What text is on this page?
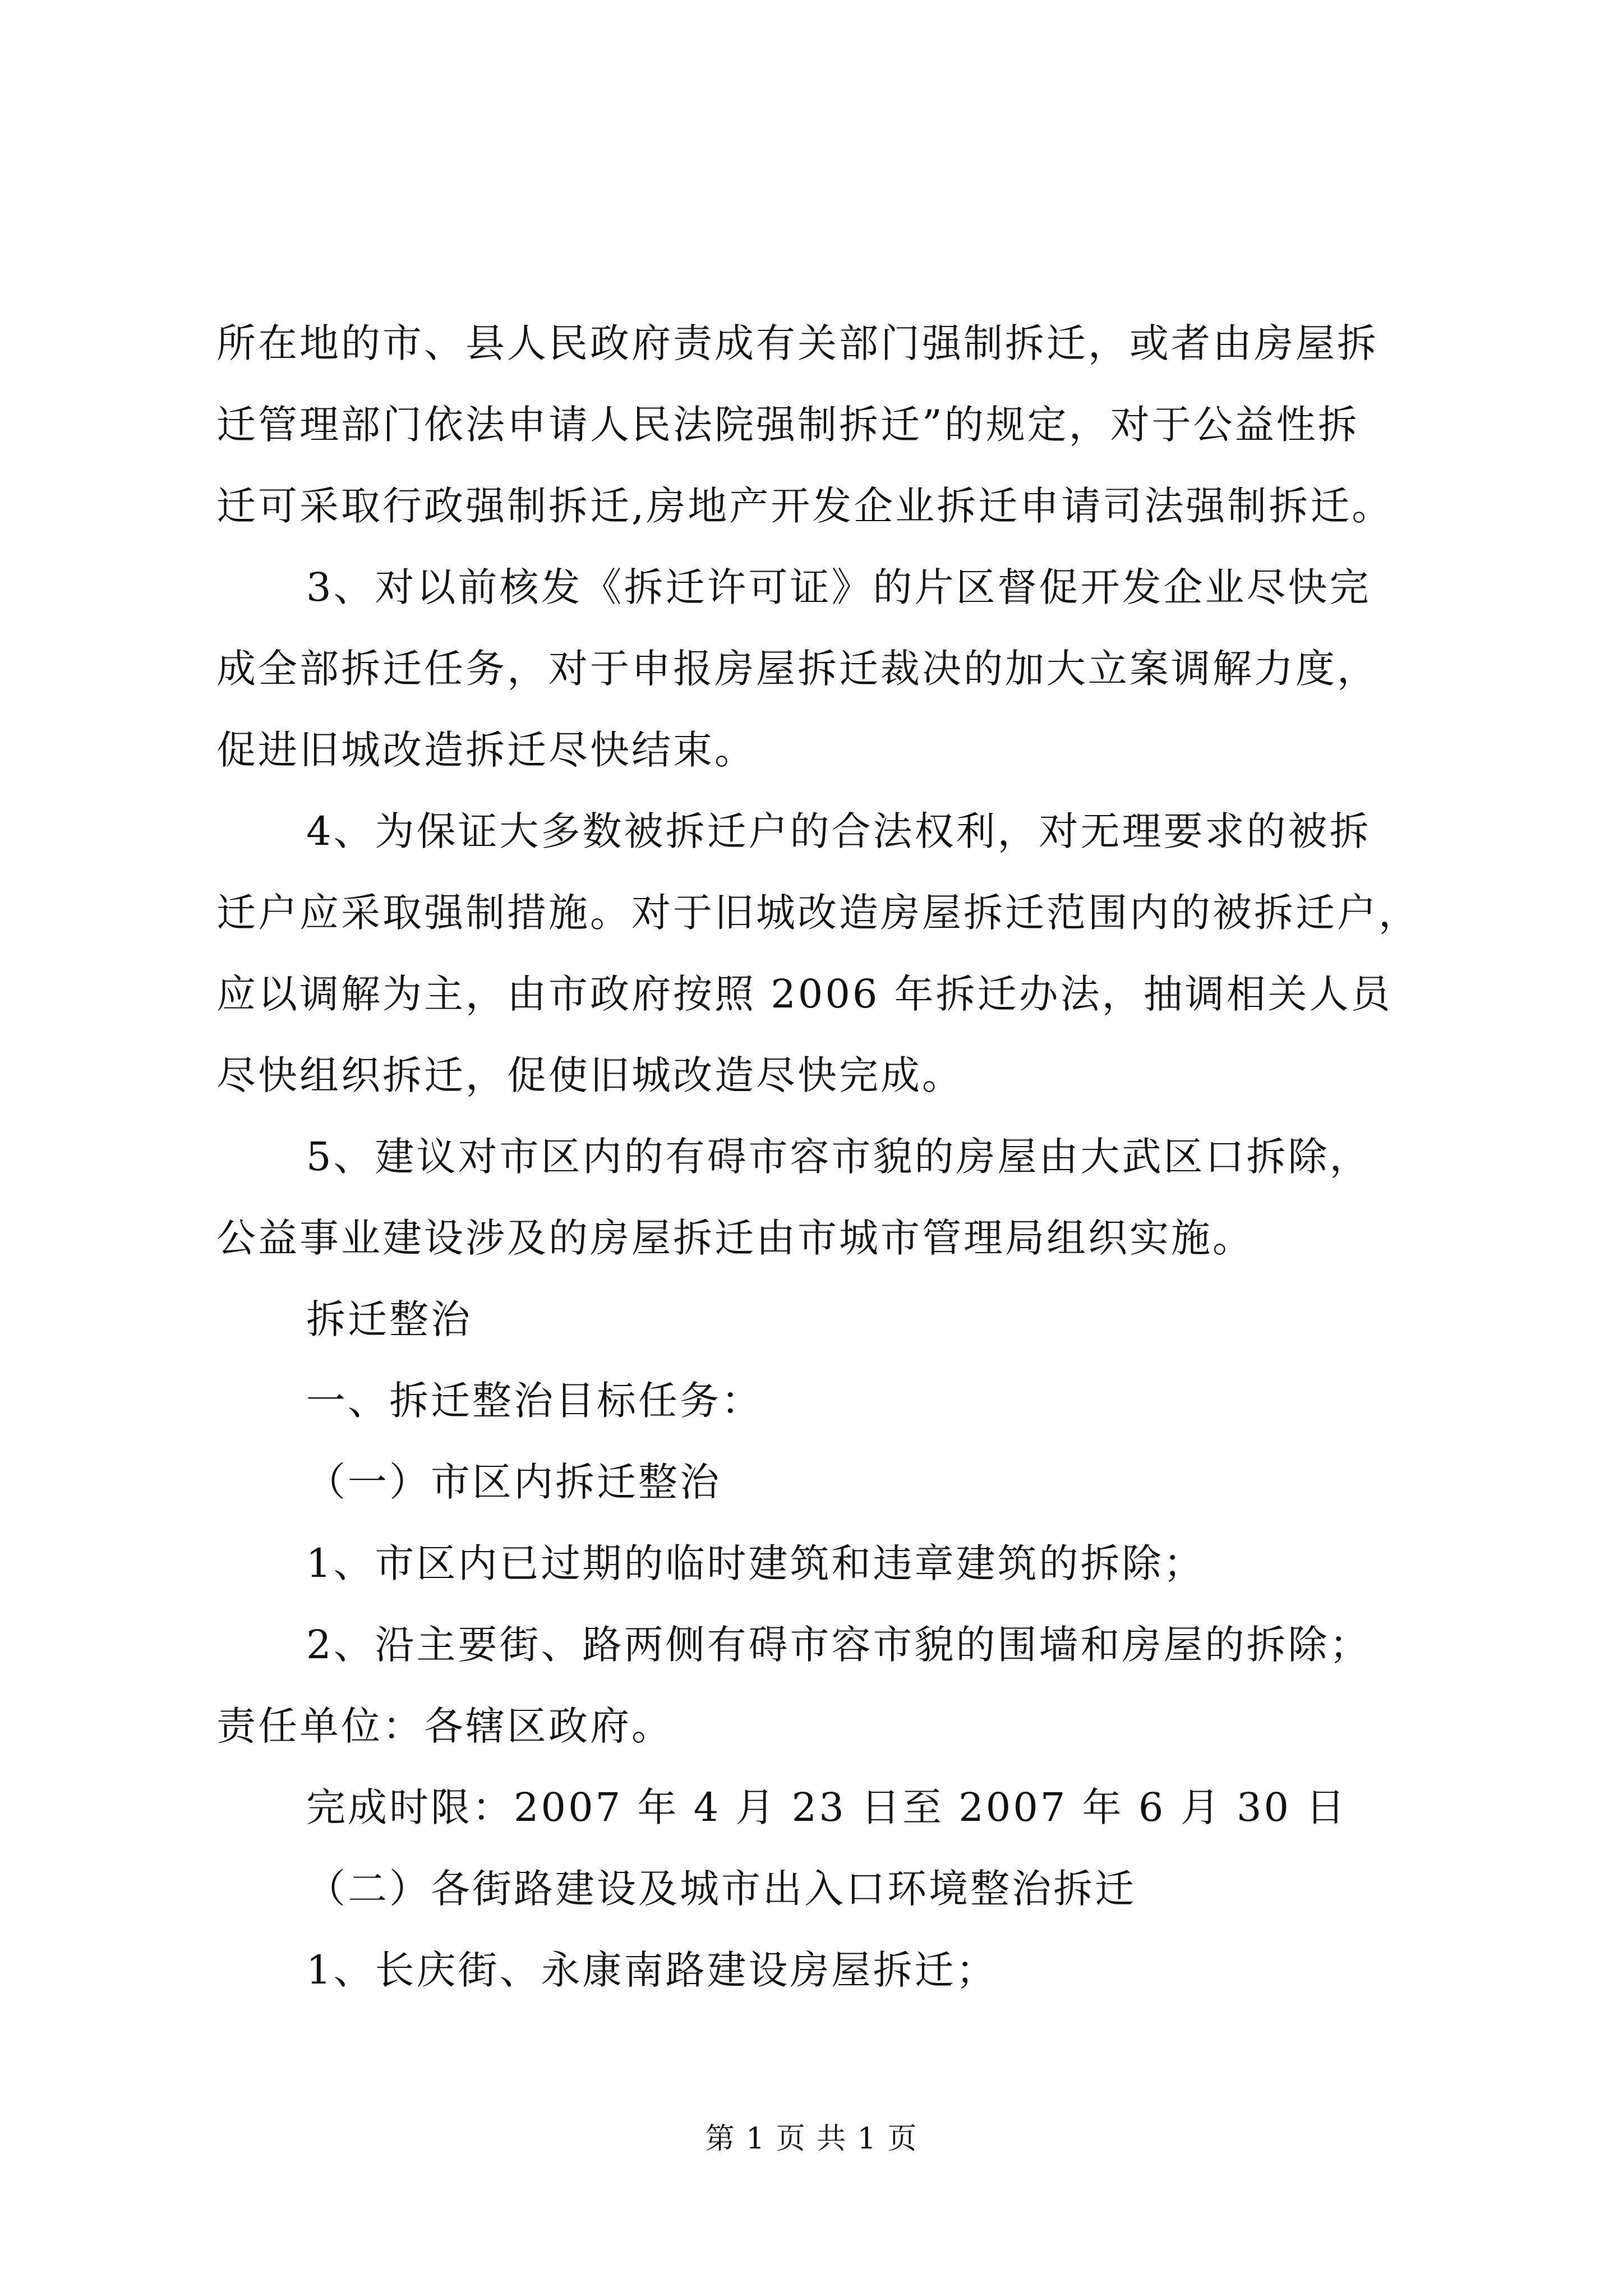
所在地的市、县人民政府责成有关部门强制拆迁，或者由房屋拆
迁管理部门依法申请人民法院强制拆迁”的规定，对于公益性拆
迁可采取行政强制拆迁,房地产开发企业拆迁申请司法强制拆迁。
3、对以前核发《拆迁许可证》的片区督促开发企业尽快完
成全部拆迁任务，对于申报房屋拆迁裁决的加大立案调解力度，
促进旧城改造拆迁尽快结束。
4、为保证大多数被拆迁户的合法权利，对无理要求的被拆
迁户应采取强制措施。对于旧城改造房屋拆迁范围内的被拆迁户，
应以调解为主，由市政府按照 2006 年拆迁办法，抽调相关人员
尽快组织拆迁，促使旧城改造尽快完成。
5、建议对市区内的有碍市容市貌的房屋由大武区口拆除，
公益事业建设涉及的房屋拆迁由市城市管理局组织实施。
拆迁整治
一、拆迁整治目标任务：
（一）市区内拆迁整治
1、市区内已过期的临时建筑和违章建筑的拆除；
2、沿主要街、路两侧有碍市容市貌的围墙和房屋的拆除；
责任单位：各辖区政府。
完成时限：2007 年 4 月 23 日至 2007 年 6 月 30 日
（二）各街路建设及城市出入口环境整治拆迁
1、长庆街、永康南路建设房屋拆迁；
第 1 页 共 1 页
